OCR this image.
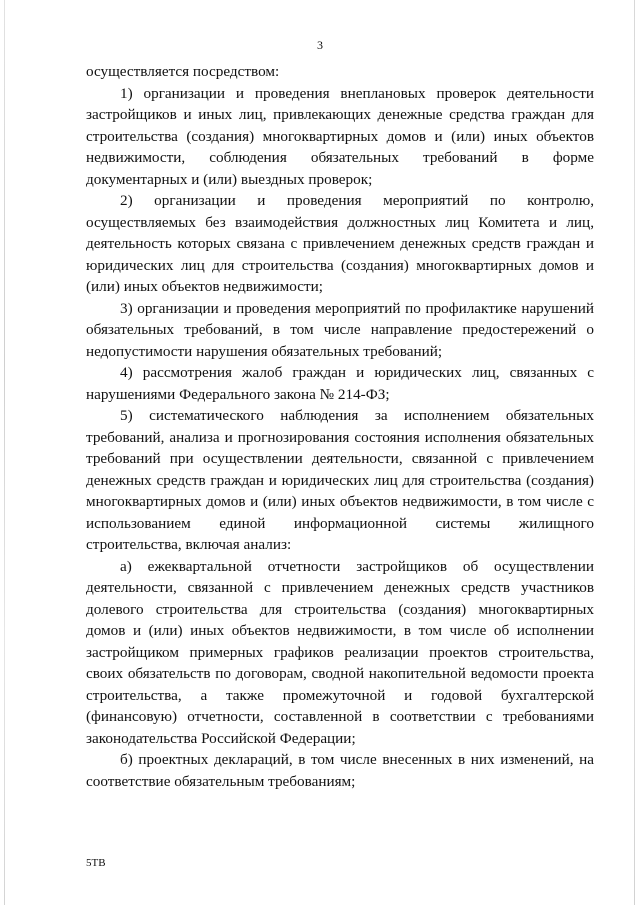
3

осуществляется посредством:

1) организации и проведения внеплановых проверок деятельности застройщиков и иных лиц, привлекающих денежные средства граждан для строительства (создания) многоквартирных домов и (или) иных объектов недвижимости, соблюдения обязательных требований в форме документарных и (или) выездных проверок;

2) организации и проведения мероприятий по контролю, осуществляемых без взаимодействия должностных лиц Комитета и лиц, деятельность которых связана с привлечением денежных средств граждан и юридических лиц для строительства (создания) многоквартирных домов и (или) иных объектов недвижимости;

3) организации и проведения мероприятий по профилактике нарушений обязательных требований, в том числе направление предостережений о недопустимости нарушения обязательных требований;

4) рассмотрения жалоб граждан и юридических лиц, связанных с нарушениями Федерального закона № 214-ФЗ;

5) систематического наблюдения за исполнением обязательных требований, анализа и прогнозирования состояния исполнения обязательных требований при осуществлении деятельности, связанной с привлечением денежных средств граждан и юридических лиц для строительства (создания) многоквартирных домов и (или) иных объектов недвижимости, в том числе с использованием единой информационной системы жилищного строительства, включая анализ:

а) ежеквартальной отчетности застройщиков об осуществлении деятельности, связанной с привлечением денежных средств участников долевого строительства для строительства (создания) многоквартирных домов и (или) иных объектов недвижимости, в том числе об исполнении застройщиком примерных графиков реализации проектов строительства, своих обязательств по договорам, сводной накопительной ведомости проекта строительства, а также промежуточной и годовой бухгалтерской (финансовую) отчетности, составленной в соответствии с требованиями законодательства Российской Федерации;

б) проектных деклараций, в том числе внесенных в них изменений, на соответствие обязательным требованиям;

5ТВ
